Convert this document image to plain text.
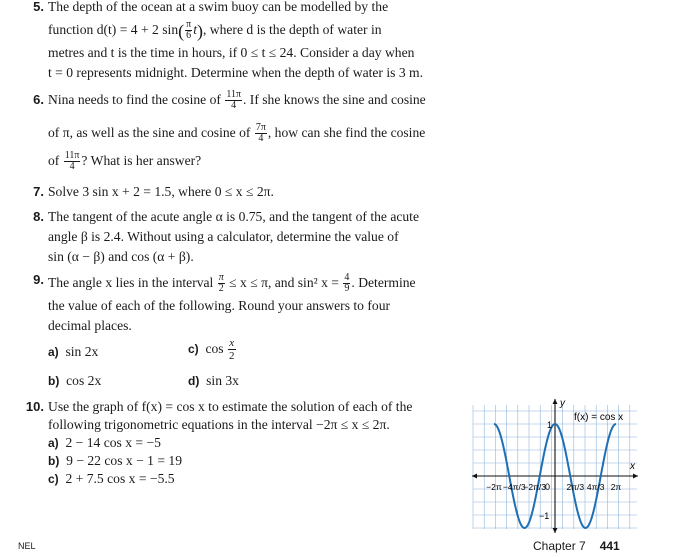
5. The depth of the ocean at a swim buoy can be modelled by the
function d(t) = 4 + 2 $\sin( \frac{\pi}{6} t)$, where d is the depth of water in
metres and t is the time in hours, if 0 ≤ t ≤ 24. Consider a day when
t = 0 represents midnight. Determine when the depth of water is 3 m.
6. Nina needs to find the cosine of $\frac{11\pi}{4}$ . If she knows the sine and cosine
of π, as well as the sine and cosine of $\frac{7\pi}{4}$ , how can she find the cosine
of $\frac{11\pi}{4}$ ? What is her answer?
7. Solve 3 sin x + 2 = 1.5, where 0 ≤ x ≤ 2π.
8. The tangent of the acute angle α is 0.75, and the tangent of the acute
angle β is 2.4. Without using a calculator, determine the value of
sin (α − β) and cos (α + β).
9. The angle x lies in the interval $\frac{\pi}{2} \le x \le \pi$, and sin² $x = \frac{4}{9}$ . Determine
the value of each of the following. Round your answers to four
decimal places.
a) sin 2x	c) $\cos \frac{x}{2}$
b) cos 2x	d) sin 3x
10. Use the graph of f(x) = cos x to estimate the solution of each of the
following trigonometric equations in the interval −2π ≤ x ≤ 2π.
a) 2 − 14 cos x = −5
b) 9 − 22 cos x − 1 = 19
c) 2 + 7.5 cos x = −5.5
y
x
f(x) = cos x
0
1
−1
−2π −4π/3
−2π/3 2π/3 4π/3 2π
NEL	Chapter 7 441
